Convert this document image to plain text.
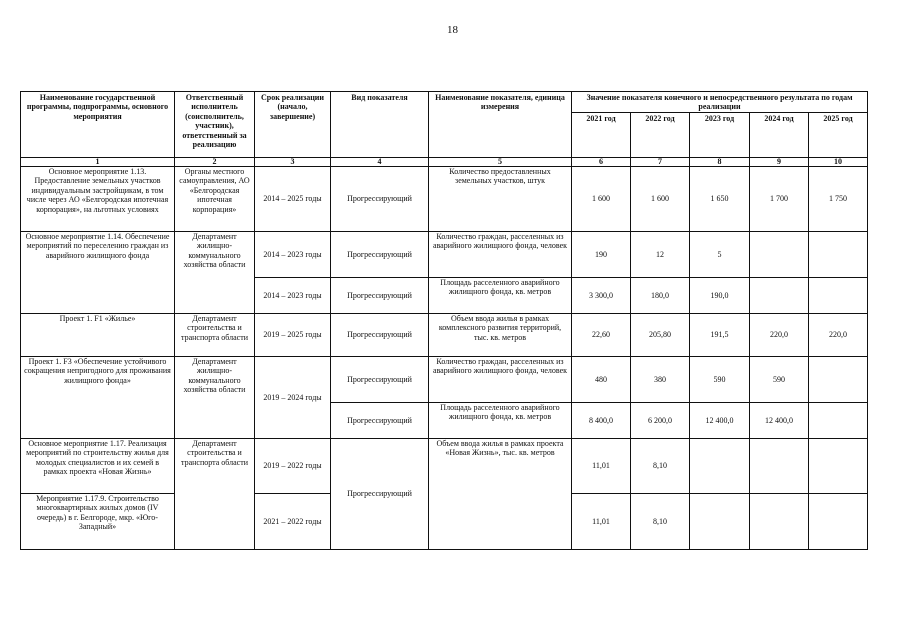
18
Наименование государственной программы, подпрограммы, основного мероприятия	Ответственный исполнитель (соисполнитель, участник), ответственный за реализацию	Срок реализации (начало, завершение)	Вид показателя	Наименование показателя, единица измерения	Значение показателя конечного и непосредственного результата по годам реализации				
					2021 год	2022 год	2023 год	2024 год	2025 год
1	2	3	4	5	6	7	8	9	10
Основное мероприятие 1.13. Предоставление земельных участков индивидуальным застройщикам, в том числе через АО «Белгородская ипотечная корпорация», на льготных условиях	Органы местного самоуправления, АО «Белгородская ипотечная корпорация»	2014 – 2025 годы	Прогрессирующий	Количество предоставленных земельных участков, штук	1 600	1 600	1 650	1 700	1 750
Основное мероприятие 1.14. Обеспечение мероприятий по переселению граждан из аварийного жилищного фонда	Департамент жилищно-коммунального хозяйства области	2014 – 2023 годы	Прогрессирующий	Количество граждан, расселенных из аварийного жилищного фонда, человек	190	12	5		
		2014 – 2023 годы	Прогрессирующий	Площадь расселенного аварийного жилищного фонда, кв. метров	3 300,0	180,0	190,0		
Проект 1. F1 «Жилье»	Департамент строительства и транспорта области	2019 – 2025 годы	Прогрессирующий	Объем ввода жилья в рамках комплексного развития территорий, тыс. кв. метров	22,60	205,80	191,5	220,0	220,0
Проект 1. F3 «Обеспечение устойчивого сокращения непригодного для проживания жилищного фонда»	Департамент жилищно-коммунального хозяйства области	2019 – 2024 годы	Прогрессирующий	Количество граждан, расселенных из аварийного жилищного фонда, человек	480	380	590	590	
			Прогрессирующий	Площадь расселенного аварийного жилищного фонда, кв. метров	8 400,0	6 200,0	12 400,0	12 400,0	
Основное мероприятие 1.17. Реализация мероприятий по строительству жилья для молодых специалистов и их семей в рамках проекта «Новая Жизнь»	Департамент строительства и транспорта области	2019 – 2022 годы	Прогрессирующий	Объем ввода жилья в рамках проекта «Новая Жизнь», тыс. кв. метров	11,01	8,10			
Мероприятие 1.17.9. Строительство многоквартирных жилых домов (IV очередь) в г. Белгороде, мкр. «Юго-Западный»		2021 – 2022 годы			11,01	8,10			
